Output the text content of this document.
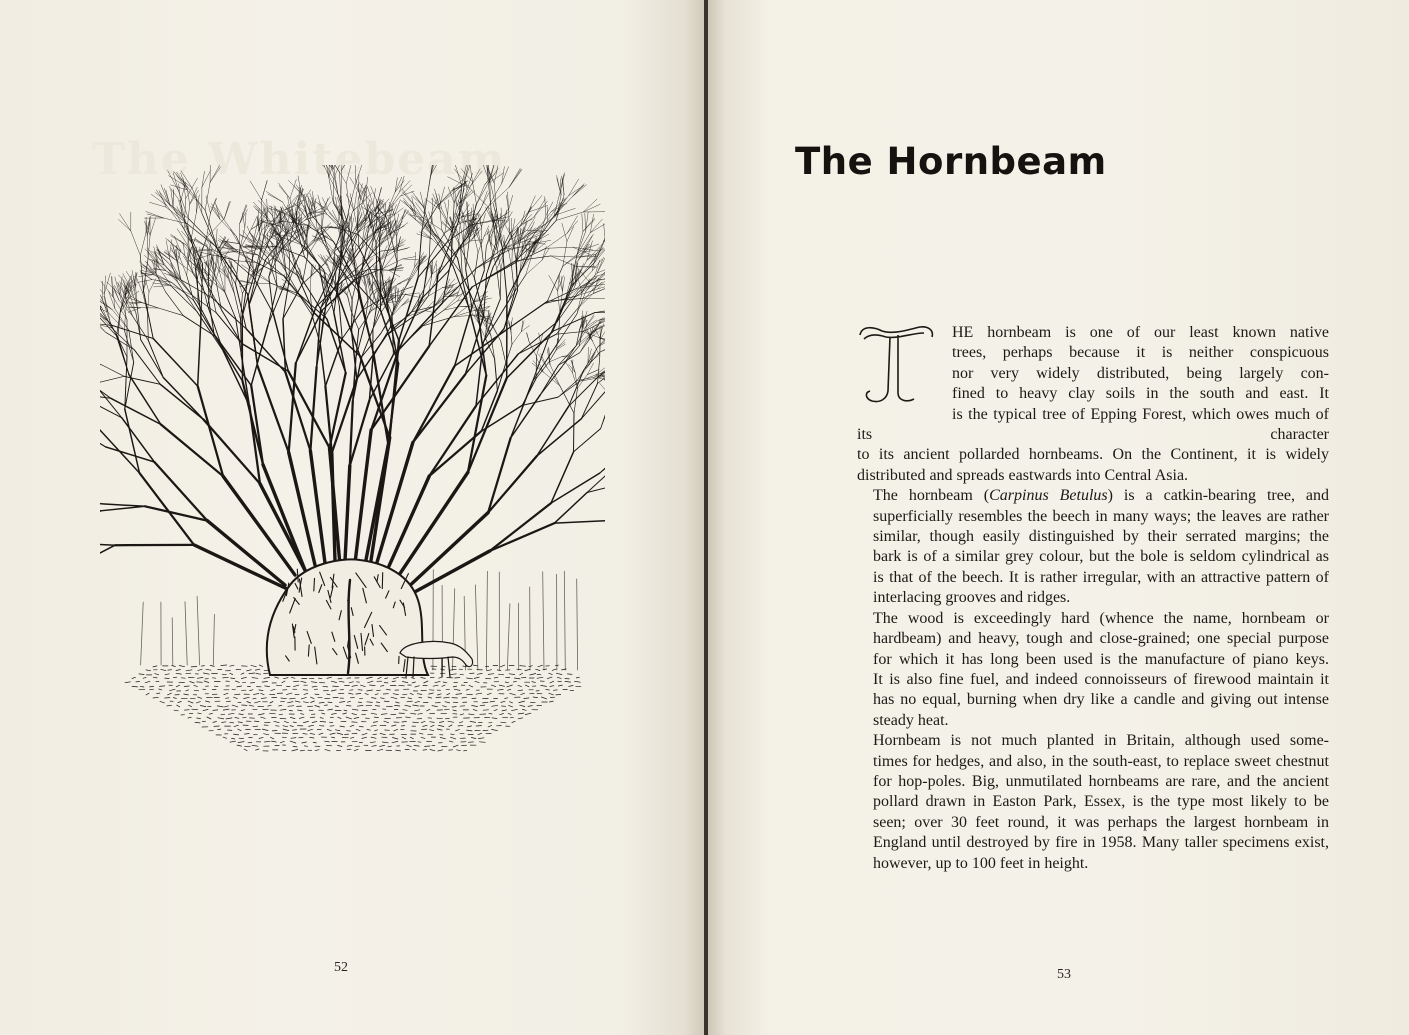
The Whitebeam
52
The Hornbeam

T
HE hornbeam is one of our least known native
trees, perhaps because it is neither conspicuous
nor very widely distributed, being largely con-
fined to heavy clay soils in the south and east. It
is the typical tree of Epping Forest, which owes much of its character
to its ancient pollarded hornbeams. On the Continent, it is widely
distributed and spreads eastwards into Central Asia.

The hornbeam (Carpinus Betulus) is a catkin-bearing tree, and
superficially resembles the beech in many ways; the leaves are rather
similar, though easily distinguished by their serrated margins; the
bark is of a similar grey colour, but the bole is seldom cylindrical as
is that of the beech. It is rather irregular, with an attractive pattern of
interlacing grooves and ridges.

The wood is exceedingly hard (whence the name, hornbeam or
hardbeam) and heavy, tough and close-grained; one special purpose
for which it has long been used is the manufacture of piano keys.
It is also fine fuel, and indeed connoisseurs of firewood maintain it
has no equal, burning when dry like a candle and giving out intense
steady heat.

Hornbeam is not much planted in Britain, although used some-
times for hedges, and also, in the south-east, to replace sweet chestnut
for hop-poles. Big, unmutilated hornbeams are rare, and the ancient
pollard drawn in Easton Park, Essex, is the type most likely to be
seen; over 30 feet round, it was perhaps the largest hornbeam in
England until destroyed by fire in 1958. Many taller specimens exist,
however, up to 100 feet in height.

53
